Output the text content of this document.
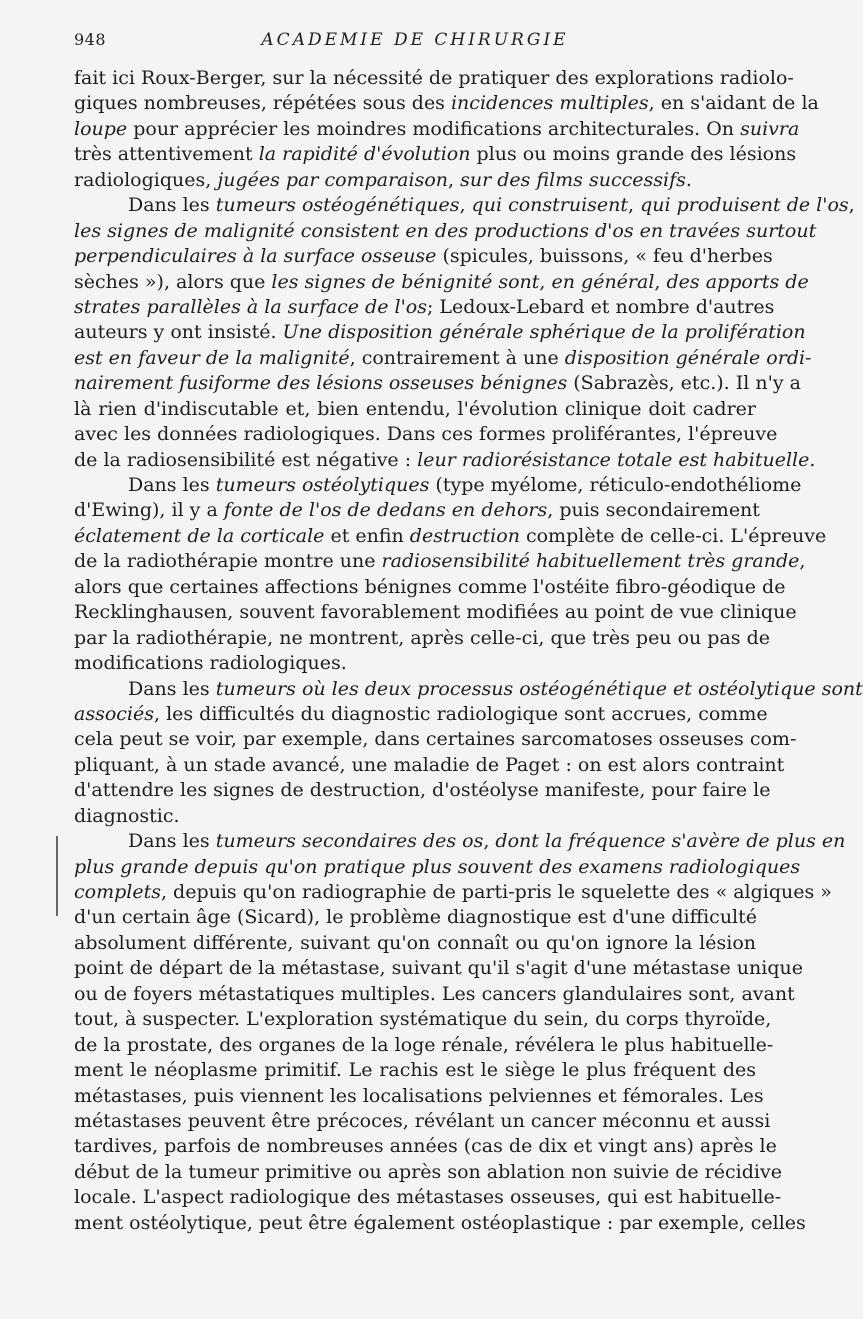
948	ACADEMIE DE CHIRURGIE
fait ici Roux-Berger, sur la nécessité de pratiquer des explorations radiolo-
giques nombreuses, répétées sous des incidences multiples, en s'aidant de la
loupe pour apprécier les moindres modifications architecturales. On suivra
très attentivement la rapidité d'évolution plus ou moins grande des lésions
radiologiques, jugées par comparaison, sur des films successifs.
Dans les tumeurs ostéogénétiques, qui construisent, qui produisent de l'os,
les signes de malignité consistent en des productions d'os en travées surtout
perpendiculaires à la surface osseuse (spicules, buissons, « feu d'herbes
sèches »), alors que les signes de bénignité sont, en général, des apports de
strates parallèles à la surface de l'os; Ledoux-Lebard et nombre d'autres
auteurs y ont insisté. Une disposition générale sphérique de la prolifération
est en faveur de la malignité, contrairement à une disposition générale ordi-
nairement fusiforme des lésions osseuses bénignes (Sabrazès, etc.). Il n'y a
là rien d'indiscutable et, bien entendu, l'évolution clinique doit cadrer
avec les données radiologiques. Dans ces formes proliférantes, l'épreuve
de la radiosensibilité est négative : leur radiorésistance totale est habituelle.
Dans les tumeurs ostéolytiques (type myélome, réticulo-endothéliome
d'Ewing), il y a fonte de l'os de dedans en dehors, puis secondairement
éclatement de la corticale et enfin destruction complète de celle-ci. L'épreuve
de la radiothérapie montre une radiosensibilité habituellement très grande,
alors que certaines affections bénignes comme l'ostéite fibro-géodique de
Recklinghausen, souvent favorablement modifiées au point de vue clinique
par la radiothérapie, ne montrent, après celle-ci, que très peu ou pas de
modifications radiologiques.
Dans les tumeurs où les deux processus ostéogénétique et ostéolytique sont
associés, les difficultés du diagnostic radiologique sont accrues, comme
cela peut se voir, par exemple, dans certaines sarcomatoses osseuses com-
pliquant, à un stade avancé, une maladie de Paget : on est alors contraint
d'attendre les signes de destruction, d'ostéolyse manifeste, pour faire le
diagnostic.
Dans les tumeurs secondaires des os, dont la fréquence s'avère de plus en
plus grande depuis qu'on pratique plus souvent des examens radiologiques
complets, depuis qu'on radiographie de parti-pris le squelette des « algiques »
d'un certain âge (Sicard), le problème diagnostique est d'une difficulté
absolument différente, suivant qu'on connaît ou qu'on ignore la lésion
point de départ de la métastase, suivant qu'il s'agit d'une métastase unique
ou de foyers métastatiques multiples. Les cancers glandulaires sont, avant
tout, à suspecter. L'exploration systématique du sein, du corps thyroïde,
de la prostate, des organes de la loge rénale, révélera le plus habituelle-
ment le néoplasme primitif. Le rachis est le siège le plus fréquent des
métastases, puis viennent les localisations pelviennes et fémorales. Les
métastases peuvent être précoces, révélant un cancer méconnu et aussi
tardives, parfois de nombreuses années (cas de dix et vingt ans) après le
début de la tumeur primitive ou après son ablation non suivie de récidive
locale. L'aspect radiologique des métastases osseuses, qui est habituelle-
ment ostéolytique, peut être également ostéoplastique : par exemple, celles
